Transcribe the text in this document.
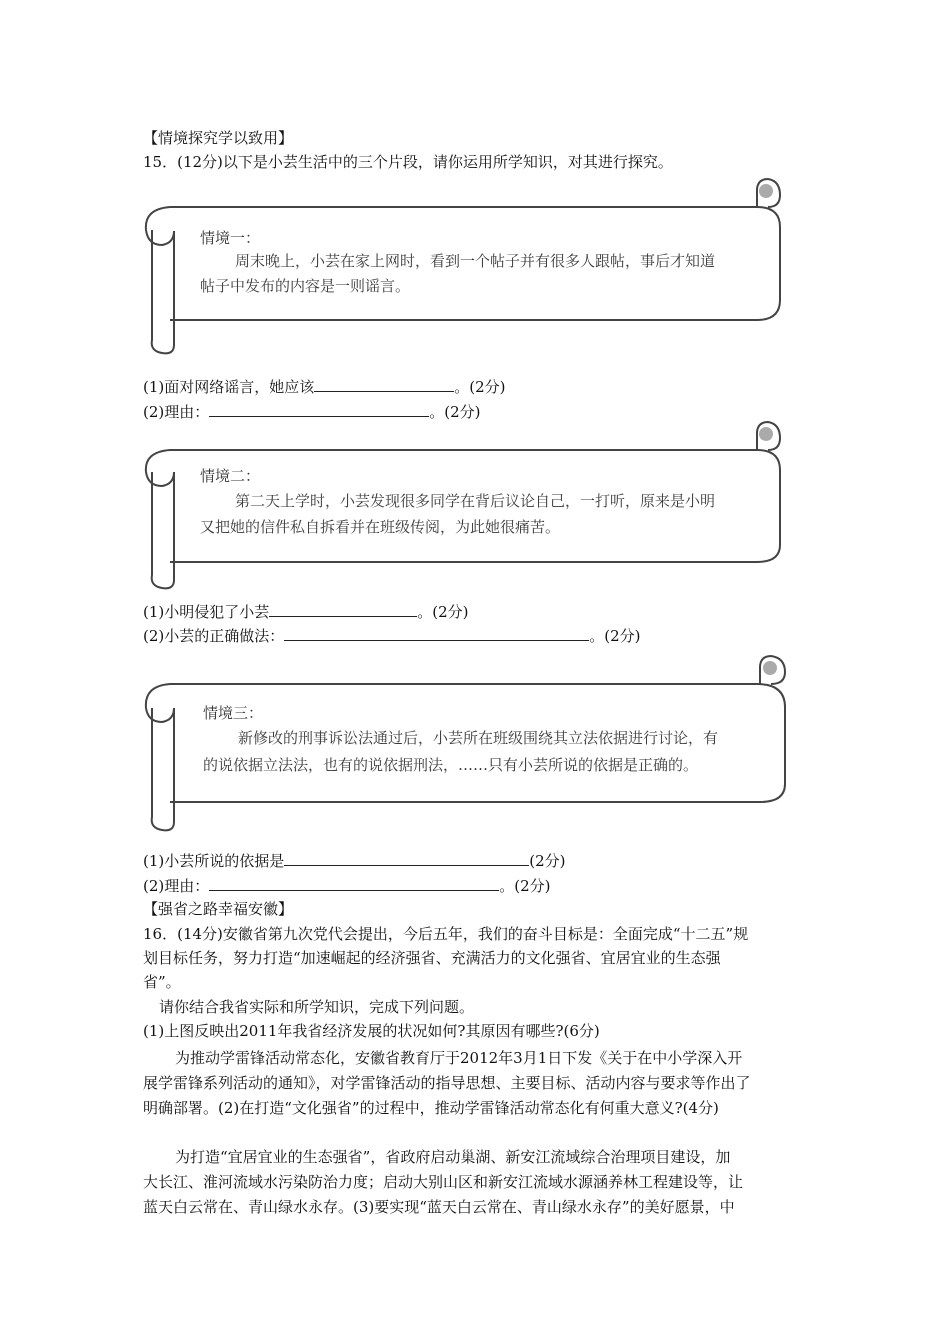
【情境探究学以致用】
15．(12分)以下是小芸生活中的三个片段，请你运用所学知识，对其进行探究。
情境一：
周末晚上，小芸在家上网时，看到一个帖子并有很多人跟帖，事后才知道
帖子中发布的内容是一则谣言。
(1)面对网络谣言，她应该	。(2分)
(2)理由：	。(2分)
情境二：
第二天上学时，小芸发现很多同学在背后议论自己，一打听，原来是小明
又把她的信件私自拆看并在班级传阅，为此她很痛苦。
(1)小明侵犯了小芸	。(2分)
(2)小芸的正确做法：	。(2分)
情境三：
新修改的刑事诉讼法通过后，小芸所在班级围绕其立法依据进行讨论，有
的说依据立法法，也有的说依据刑法，……只有小芸所说的依据是正确的。
(1)小芸所说的依据是	(2分)
(2)理由：	。(2分)
【强省之路幸福安徽】
16．(14分)安徽省第九次党代会提出，今后五年，我们的奋斗目标是：全面完成“十二五”规
划目标任务，努力打造“加速崛起的经济强省、充满活力的文化强省、宜居宜业的生态强
省”。
请你结合我省实际和所学知识，完成下列问题。
(1)上图反映出2011年我省经济发展的状况如何?其原因有哪些?(6分)
为推动学雷锋活动常态化，安徽省教育厅于2012年3月1日下发《关于在中小学深入开
展学雷锋系列活动的通知》，对学雷锋活动的指导思想、主要目标、活动内容与要求等作出了
明确部署。(2)在打造“文化强省”的过程中，推动学雷锋活动常态化有何重大意义?(4分)
为打造“宜居宜业的生态强省”，省政府启动巢湖、新安江流域综合治理项目建设，加
大长江、淮河流域水污染防治力度；启动大别山区和新安江流域水源涵养林工程建设等，让
蓝天白云常在、青山绿水永存。(3)要实现“蓝天白云常在、青山绿水永存”的美好愿景，中
